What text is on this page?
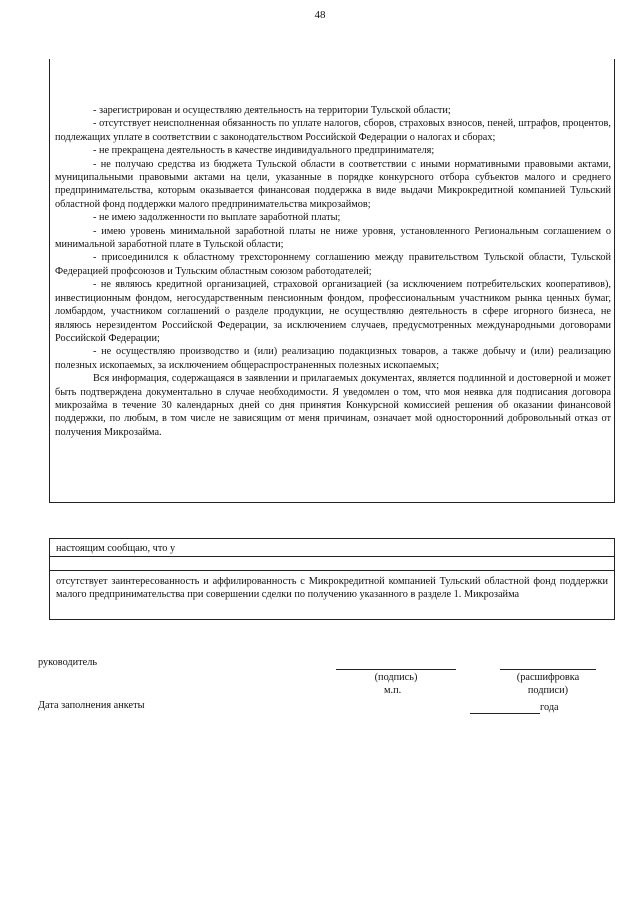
48

- зарегистрирован и осуществляю деятельность на территории Тульской области;

- отсутствует неисполненная обязанность по уплате налогов, сборов, страховых взносов, пеней, штрафов, процентов, подлежащих уплате в соответствии с законодательством Российской Федерации о налогах и сборах;

- не прекращена деятельность в качестве индивидуального предпринимателя;

- не получаю средства из бюджета Тульской области в соответствии с иными нормативными правовыми актами, муниципальными правовыми актами на цели, указанные в порядке конкурсного отбора субъектов малого и среднего предпринимательства, которым оказывается финансовая поддержка в виде выдачи Микрокредитной компанией Тульский областной фонд поддержки малого предпринимательства микрозаймов;

- не имею задолженности по выплате заработной платы;

- имею уровень минимальной заработной платы не ниже уровня, установленного Региональным соглашением о минимальной заработной плате в Тульской области;

- присоединился к областному трехстороннему соглашению между правительством Тульской области, Тульской Федерацией профсоюзов и Тульским областным союзом работодателей;

- не являюсь кредитной организацией, страховой организацией (за исключением потребительских кооперативов), инвестиционным фондом, негосударственным пенсионным фондом, профессиональным участником рынка ценных бумаг, ломбардом, участником соглашений о разделе продукции, не осуществляю деятельность в сфере игорного бизнеса, не являюсь нерезидентом Российской Федерации, за исключением случаев, предусмотренных международными договорами Российской Федерации;

- не осуществляю производство и (или) реализацию подакцизных товаров, а также добычу и (или) реализацию полезных ископаемых, за исключением общераспространенных полезных ископаемых;

Вся информация, содержащаяся в заявлении и прилагаемых документах, является подлинной и достоверной и может быть подтверждена документально в случае необходимости. Я уведомлен о том, что моя неявка для подписания договора микрозайма в течение 30 календарных дней со дня принятия Конкурсной комиссией решения об оказании финансовой поддержки, по любым, в том числе не зависящим от меня причинам, означает мой односторонний добровольный отказ от получения Микрозайма.

настоящим сообщаю, что у
отсутствует заинтересованность и аффилированность с Микрокредитной компанией Тульский областной фонд поддержки малого предпринимательства при совершении сделки по получению указанного в разделе 1. Микрозайма
руководитель
(подпись)
м.п.
(расшифровка
подписи)
Дата заполнения анкеты	года
